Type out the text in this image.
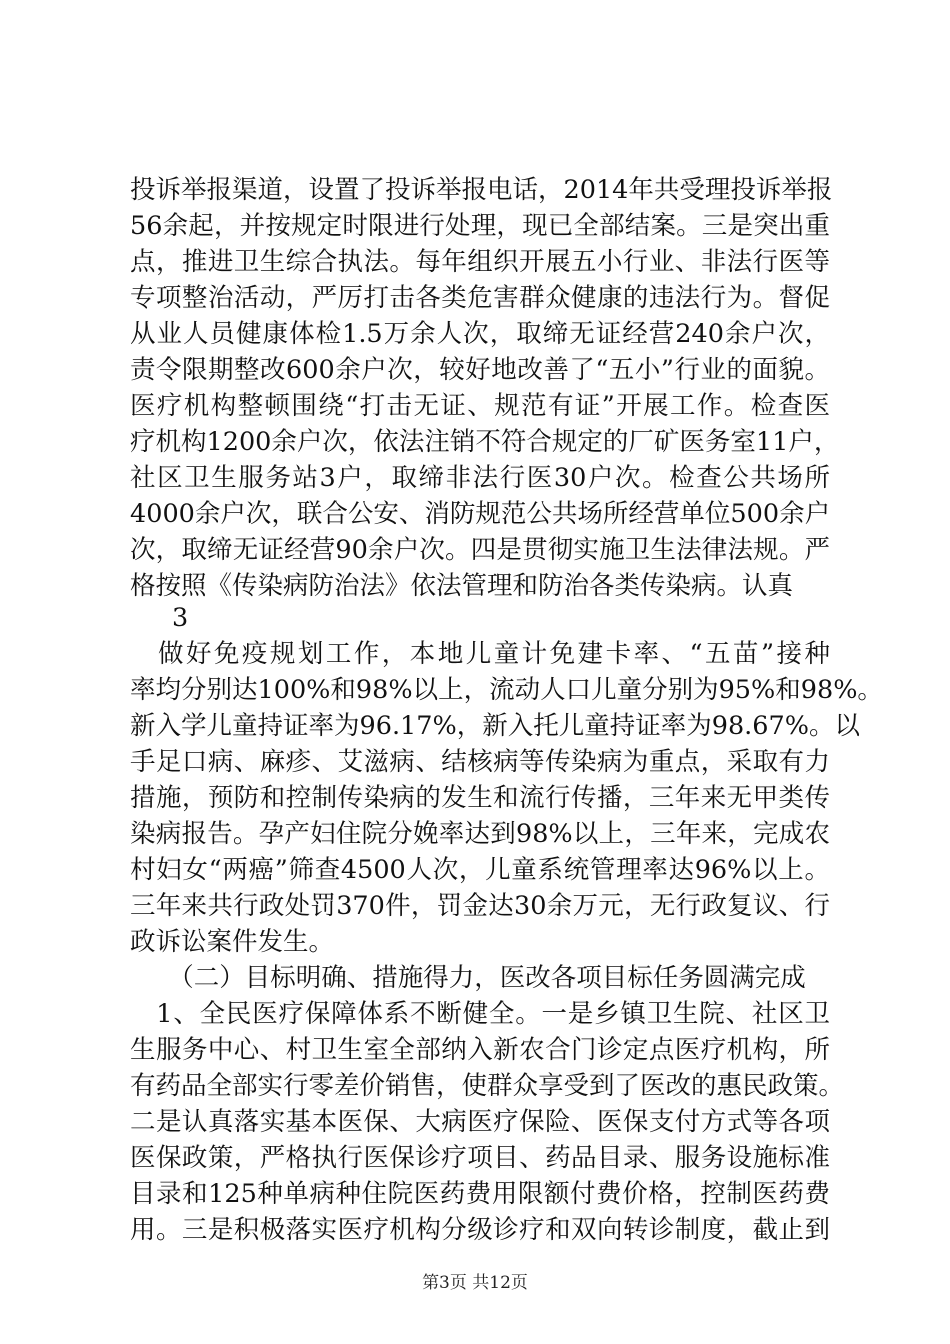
投诉举报渠道，设置了投诉举报电话，2014年共受理投诉举报
56余起，并按规定时限进行处理，现已全部结案。三是突出重
点，推进卫生综合执法。每年组织开展五小行业、非法行医等
专项整治活动，严厉打击各类危害群众健康的违法行为。督促
从业人员健康体检1.5万余人次，取缔无证经营240余户次，
责令限期整改600余户次，较好地改善了“五小”行业的面貌。
医疗机构整顿围绕“打击无证、规范有证”开展工作。检查医
疗机构1200余户次，依法注销不符合规定的厂矿医务室11户，
社区卫生服务站3户，取缔非法行医30户次。检查公共场所
4000余户次，联合公安、消防规范公共场所经营单位500余户
次，取缔无证经营90余户次。四是贯彻实施卫生法律法规。严
格按照《传染病防治法》依法管理和防治各类传染病。认真
3
　做好免疫规划工作，本地儿童计免建卡率、“五苗”接种
率均分别达100%和98%以上，流动人口儿童分别为95%和98%。
新入学儿童持证率为96.17%，新入托儿童持证率为98.67%。以
手足口病、麻疹、艾滋病、结核病等传染病为重点，采取有力
措施，预防和控制传染病的发生和流行传播，三年来无甲类传
染病报告。孕产妇住院分娩率达到98%以上，三年来，完成农
村妇女“两癌”筛查4500人次，儿童系统管理率达96%以上。
三年来共行政处罚370件，罚金达30余万元，无行政复议、行
政诉讼案件发生。
　　（二）目标明确、措施得力，医改各项目标任务圆满完成
　1、全民医疗保障体系不断健全。一是乡镇卫生院、社区卫
生服务中心、村卫生室全部纳入新农合门诊定点医疗机构，所
有药品全部实行零差价销售，使群众享受到了医改的惠民政策。
二是认真落实基本医保、大病医疗保险、医保支付方式等各项
医保政策，严格执行医保诊疗项目、药品目录、服务设施标准
目录和125种单病种住院医药费用限额付费价格，控制医药费
用。三是积极落实医疗机构分级诊疗和双向转诊制度，截止到
第3页 共12页
